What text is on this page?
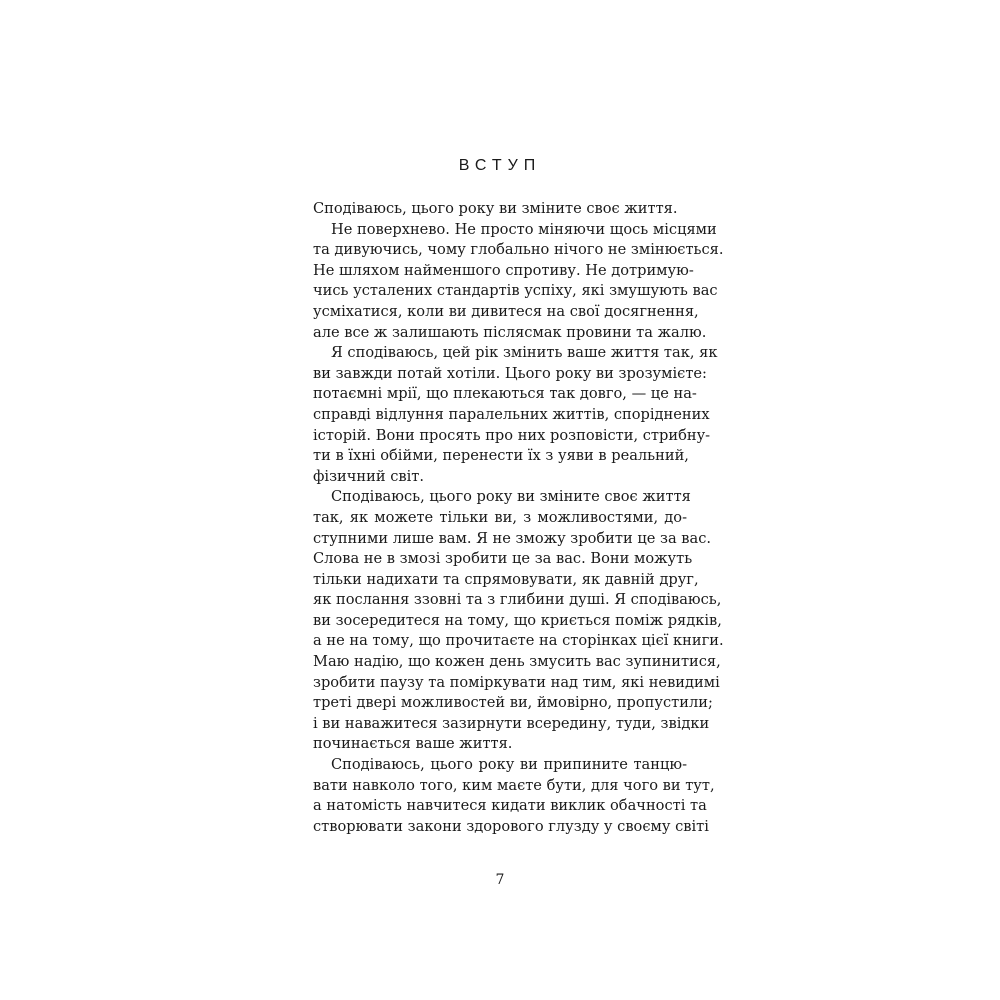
ВСТУП
Сподіваюсь, цього року ви зміните своє життя.
Не поверхнево. Не просто міняючи щось місцями
та дивуючись, чому глобально нічого не змінюється.
Не шляхом найменшого спротиву. Не дотримую-
чись усталених стандартів успіху, які змушують вас
усміхатися, коли ви дивитеся на свої досягнення,
але все ж залишають післясмак провини та жалю.
Я сподіваюсь, цей рік змінить ваше життя так, як
ви завжди потай хотіли. Цього року ви зрозумієте:
потаємні мрії, що плекаються так довго, — це на-
справді відлуння паралельних життів, споріднених
історій. Вони просять про них розповісти, стрибну-
ти в їхні обійми, перенести їх з уяви в реальний,
фізичний світ.
Сподіваюсь, цього року ви зміните своє життя
так, як можете тільки ви, з можливостями, до-
ступними лише вам. Я не зможу зробити це за вас.
Слова не в змозі зробити це за вас. Вони можуть
тільки надихати та спрямовувати, як давній друг,
як послання ззовні та з глибини душі. Я сподіваюсь,
ви зосередитеся на тому, що криється поміж рядків,
а не на тому, що прочитаєте на сторінках цієї книги.
Маю надію, що кожен день змусить вас зупинитися,
зробити паузу та поміркувати над тим, які невидимі
треті двері можливостей ви, ймовірно, пропустили;
і ви наважитеся зазирнути всередину, туди, звідки
починається ваше життя.
Сподіваюсь, цього року ви припините танцю-
вати навколо того, ким маєте бути, для чого ви тут,
а натомість навчитеся кидати виклик обачності та
створювати закони здорового глузду у своєму світі
7
